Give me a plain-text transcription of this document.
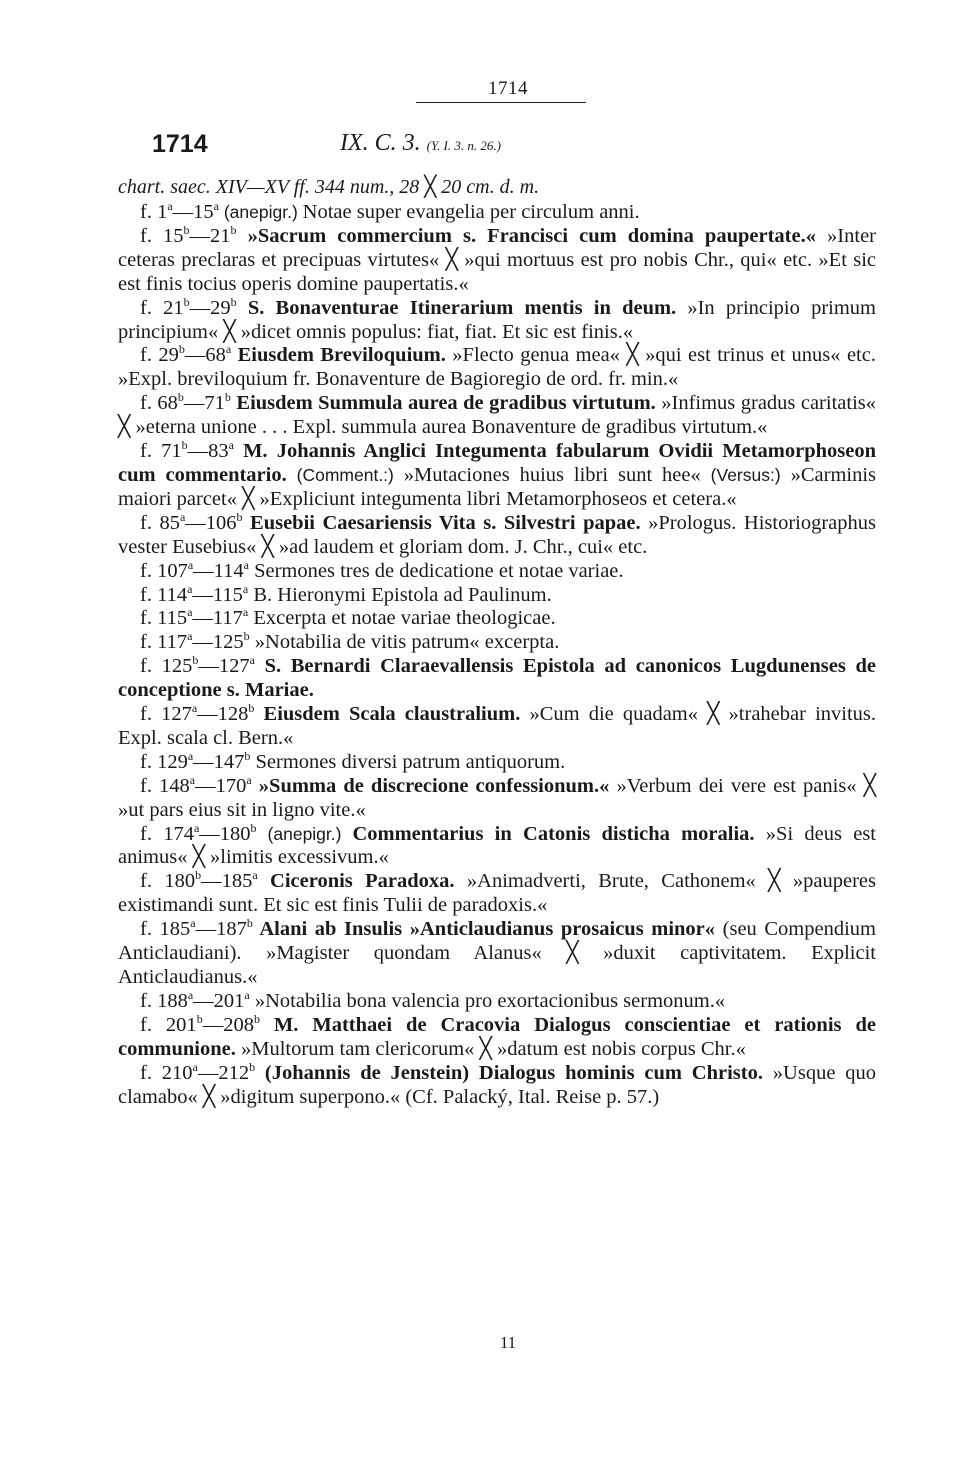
1714
1714	IX. C. 3. (Y. I. 3. n. 26.)
chart. saec. XIV—XV ff. 344 num., 28 ╳ 20 cm. d. m.

f. 1$^a$—15$^a$ (anepigr.) Notae super evangelia per circulum anni.

f. 15$^b$—21$^b$ »Sacrum commercium s. Francisci cum domina paupertate.« »Inter ceteras preclaras et precipuas virtutes« ╳ »qui mortuus est pro nobis Chr., qui« etc. »Et sic est finis tocius operis domine paupertatis.«

f. 21$^b$—29$^b$ S. Bonaventurae Itinerarium mentis in deum. »In principio primum principium« ╳ »dicet omnis populus: fiat, fiat. Et sic est finis.«

f. 29$^b$—68$^a$ Eiusdem Breviloquium. »Flecto genua mea« ╳ »qui est trinus et unus« etc. »Expl. breviloquium fr. Bonaventure de Bagioregio de ord. fr. min.«

f. 68$^b$—71$^b$ Eiusdem Summula aurea de gradibus virtutum. »Infimus gradus caritatis« ╳ »eterna unione . . . Expl. summula aurea Bonaventure de gradibus virtutum.«

f. 71$^b$—83$^a$ M. Johannis Anglici Integumenta fabularum Ovidii Metamorphoseon cum commentario. (Comment.:) »Mutaciones huius libri sunt hee« (Versus:) »Carminis maiori parcet« ╳ »Expliciunt integumenta libri Metamorphoseos et cetera.«

f. 85$^a$—106$^b$ Eusebii Caesariensis Vita s. Silvestri papae. »Prologus. Historiographus vester Eusebius« ╳ »ad laudem et gloriam dom. J. Chr., cui« etc.

f. 107$^a$—114$^a$ Sermones tres de dedicatione et notae variae.

f. 114$^a$—115$^a$ B. Hieronymi Epistola ad Paulinum.

f. 115$^a$—117$^a$ Excerpta et notae variae theologicae.

f. 117$^a$—125$^b$ »Notabilia de vitis patrum« excerpta.

f. 125$^b$—127$^a$ S. Bernardi Claraevallensis Epistola ad canonicos Lugdunenses de conceptione s. Mariae.

f. 127$^a$—128$^b$ Eiusdem Scala claustralium. »Cum die quadam« ╳ »trahebar invitus. Expl. scala cl. Bern.«

f. 129$^a$—147$^b$ Sermones diversi patrum antiquorum.

f. 148$^a$—170$^a$ »Summa de discrecione confessionum.« »Verbum dei vere est panis« ╳ »ut pars eius sit in ligno vite.«

f. 174$^a$—180$^b$ (anepigr.) Commentarius in Catonis disticha moralia. »Si deus est animus« ╳ »limitis excessivum.«

f. 180$^b$—185$^a$ Ciceronis Paradoxa. »Animadverti, Brute, Cathonem« ╳ »pauperes existimandi sunt. Et sic est finis Tulii de paradoxis.«

f. 185$^a$—187$^b$ Alani ab Insulis »Anticlaudianus prosaicus minor« (seu Compendium Anticlaudiani). »Magister quondam Alanus« ╳ »duxit captivitatem. Explicit Anticlaudianus.«

f. 188$^a$—201$^a$ »Notabilia bona valencia pro exortacionibus sermonum.«

f. 201$^b$—208$^b$ M. Matthaei de Cracovia Dialogus conscientiae et rationis de communione. »Multorum tam clericorum« ╳ »datum est nobis corpus Chr.«

f. 210$^a$—212$^b$ (Johannis de Jenstein) Dialogus hominis cum Christo. »Usque quo clamabo« ╳ »digitum superpono.« (Cf. Palacký, Ital. Reise p. 57.)

11
